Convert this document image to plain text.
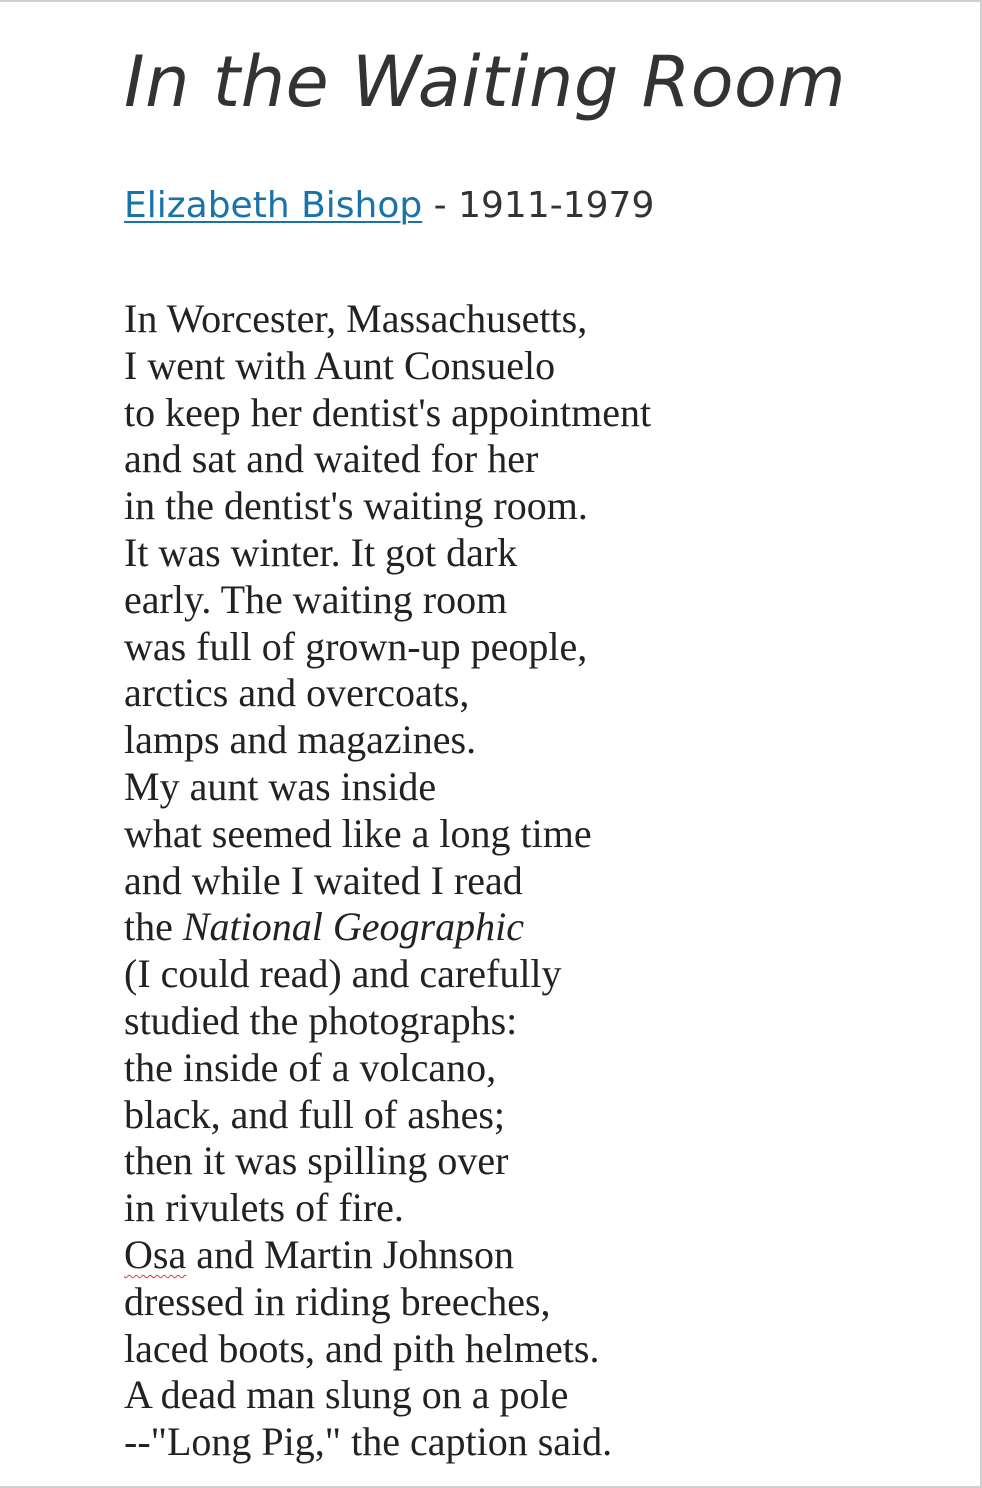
In the Waiting Room
Elizabeth Bishop - 1911-1979
In Worcester, Massachusetts,
I went with Aunt Consuelo
to keep her dentist's appointment
and sat and waited for her
in the dentist's waiting room.
It was winter. It got dark
early. The waiting room
was full of grown-up people,
arctics and overcoats,
lamps and magazines.
My aunt was inside
what seemed like a long time
and while I waited I read
the National Geographic
(I could read) and carefully
studied the photographs:
the inside of a volcano,
black, and full of ashes;
then it was spilling over
in rivulets of fire.
Osa and Martin Johnson
dressed in riding breeches,
laced boots, and pith helmets.
A dead man slung on a pole
--"Long Pig," the caption said.
